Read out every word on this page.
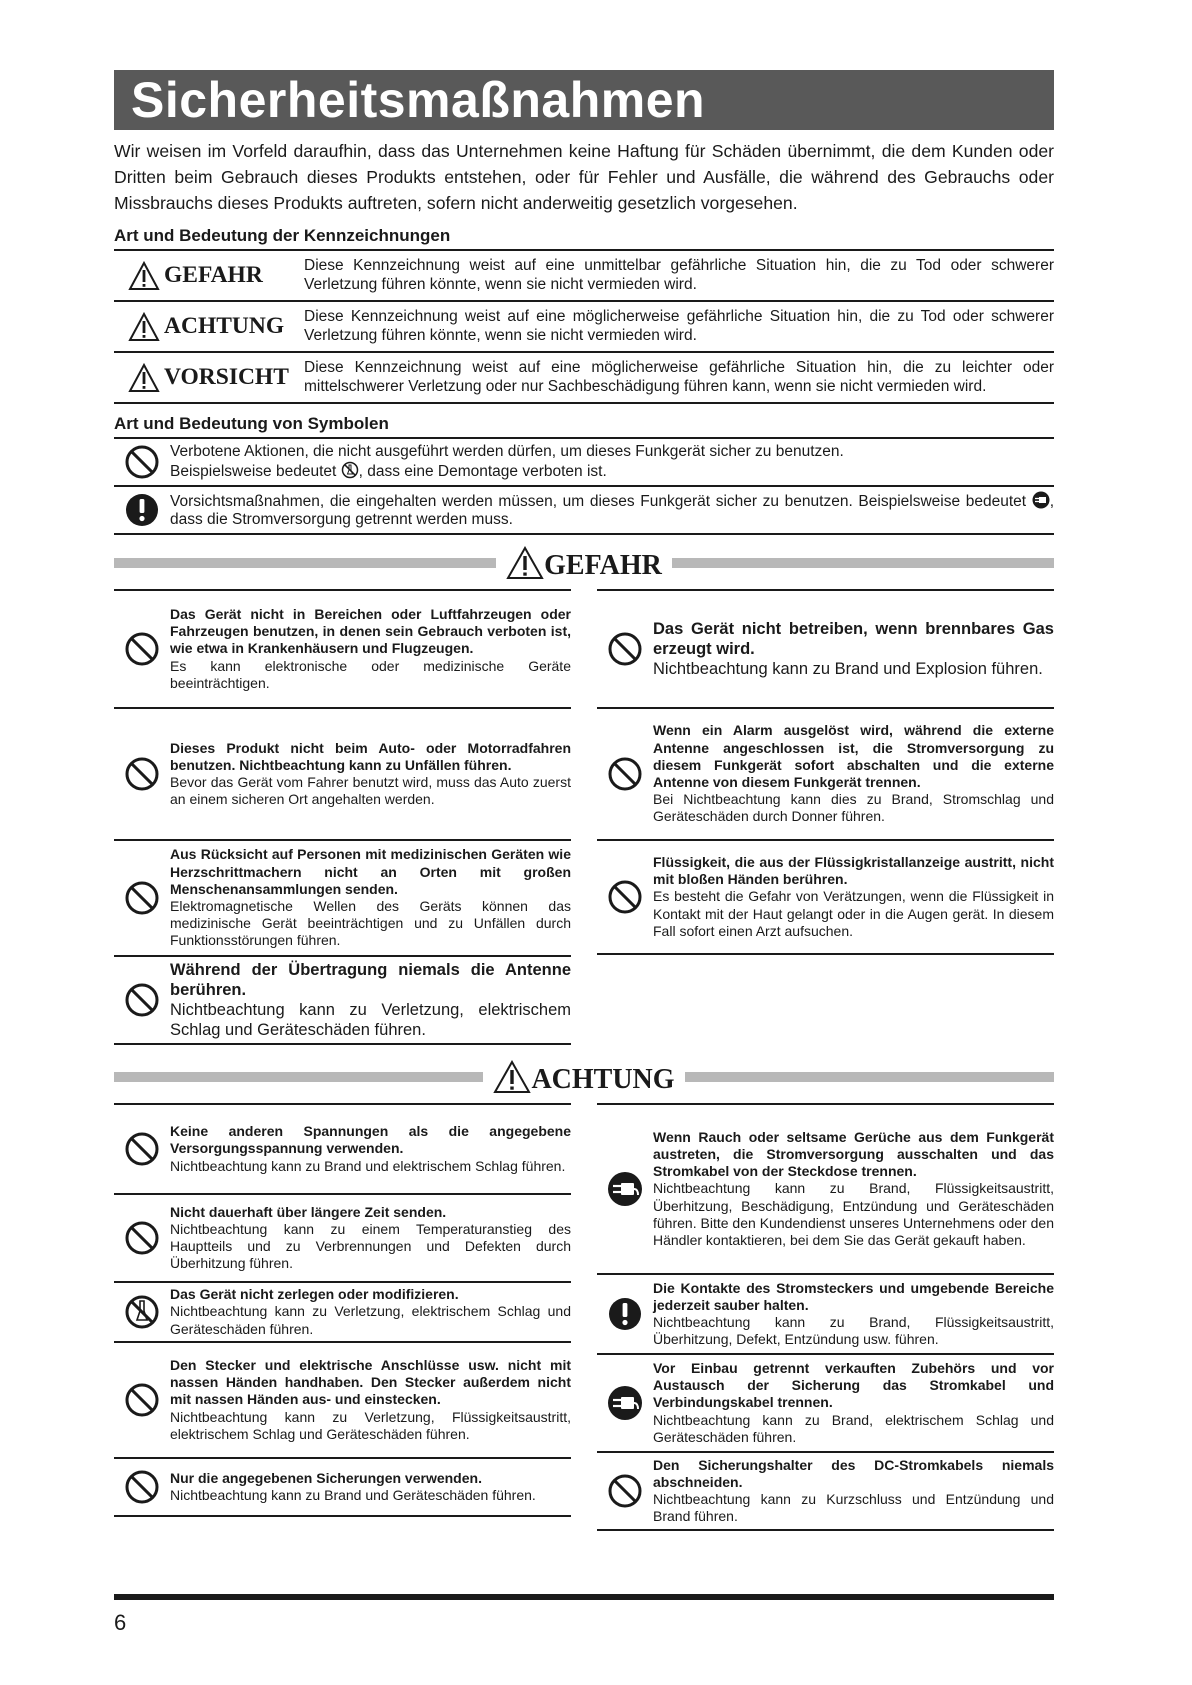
Sicherheitsmaßnahmen

Wir weisen im Vorfeld daraufhin, dass das Unternehmen keine Haftung für Schäden übernimmt, die dem Kunden oder Dritten beim Gebrauch dieses Produkts entstehen, oder für Fehler und Ausfälle, die während des Gebrauchs oder Missbrauchs dieses Produkts auftreten, sofern nicht anderweitig gesetzlich vorgesehen.

Art und Bedeutung der Kennzeichnungen
GEFAHR	Diese Kennzeichnung weist auf eine unmittelbar gefährliche Situation hin, die zu Tod oder schwerer Verletzung führen könnte, wenn sie nicht vermieden wird.
ACHTUNG Diese Kennzeichnung weist auf eine möglicherweise gefährliche Situation hin, die zu Tod oder schwerer Verletzung führen könnte, wenn sie nicht vermieden wird.
VORSICHT Diese Kennzeichnung weist auf eine möglicherweise gefährliche Situation hin, die zu leichter oder mittelschwerer Verletzung oder nur Sachbeschädigung führen kann, wenn sie nicht vermieden wird.
Art und Bedeutung von Symbolen
Verbotene Aktionen, die nicht ausgeführt werden dürfen, um dieses Funkgerät sicher zu benutzen.
Beispielsweise bedeutet , dass eine Demontage verboten ist.
Vorsichtsmaßnahmen, die eingehalten werden müssen, um dieses Funkgerät sicher zu benutzen. Beispielsweise bedeutet , dass die Stromversorgung getrennt werden muss.
GEFAHR
Das Gerät nicht in Bereichen oder Luftfahrzeugen oder Fahrzeugen benutzen, in denen sein Gebrauch verboten ist, wie etwa in Krankenhäusern und Flugzeugen.
Es kann elektronische oder medizinische Geräte beeinträchtigen.
Dieses Produkt nicht beim Auto- oder Motorradfahren benutzen. Nichtbeachtung kann zu Unfällen führen.
Bevor das Gerät vom Fahrer benutzt wird, muss das Auto zuerst an einem sicheren Ort angehalten werden.
Aus Rücksicht auf Personen mit medizinischen Geräten wie Herzschrittmachern nicht an Orten mit großen Menschenansammlungen senden.
Elektromagnetische Wellen des Geräts können das medizinische Gerät beeinträchtigen und zu Unfällen durch Funktionsstörungen führen.
Während der Übertragung niemals die Antenne berühren.
Nichtbeachtung kann zu Verletzung, elektrischem Schlag und Geräteschäden führen.
Das Gerät nicht betreiben, wenn brennbares Gas erzeugt wird.
Nichtbeachtung kann zu Brand und Explosion führen.
Wenn ein Alarm ausgelöst wird, während die externe Antenne angeschlossen ist, die Stromversorgung zu diesem Funkgerät sofort abschalten und die externe Antenne von diesem Funkgerät trennen.
Bei Nichtbeachtung kann dies zu Brand, Stromschlag und Geräteschäden durch Donner führen.
Flüssigkeit, die aus der Flüssigkristallanzeige austritt, nicht mit bloßen Händen berühren.
Es besteht die Gefahr von Verätzungen, wenn die Flüssigkeit in Kontakt mit der Haut gelangt oder in die Augen gerät. In diesem Fall sofort einen Arzt aufsuchen.
ACHTUNG
Keine anderen Spannungen als die angegebene Versorgungsspannung verwenden.
Nichtbeachtung kann zu Brand und elektrischem Schlag führen.
Nicht dauerhaft über längere Zeit senden.
Nichtbeachtung kann zu einem Temperaturanstieg des Hauptteils und zu Verbrennungen und Defekten durch Überhitzung führen.
Das Gerät nicht zerlegen oder modifizieren.
Nichtbeachtung kann zu Verletzung, elektrischem Schlag und Geräteschäden führen.
Den Stecker und elektrische Anschlüsse usw. nicht mit nassen Händen handhaben. Den Stecker außerdem nicht mit nassen Händen aus- und einstecken.
Nichtbeachtung kann zu Verletzung, Flüssigkeitsaustritt, elektrischem Schlag und Geräteschäden führen.
Nur die angegebenen Sicherungen verwenden.
Nichtbeachtung kann zu Brand und Geräteschäden führen.
Wenn Rauch oder seltsame Gerüche aus dem Funkgerät austreten, die Stromversorgung ausschalten und das Stromkabel von der Steckdose trennen.
Nichtbeachtung kann zu Brand, Flüssigkeitsaustritt, Überhitzung, Beschädigung, Entzündung und Geräteschäden führen. Bitte den Kundendienst unseres Unternehmens oder den Händler kontaktieren, bei dem Sie das Gerät gekauft haben.
Die Kontakte des Stromsteckers und umgebende Bereiche jederzeit sauber halten.
Nichtbeachtung kann zu Brand, Flüssigkeitsaustritt, Überhitzung, Defekt, Entzündung usw. führen.
Vor Einbau getrennt verkauften Zubehörs und vor Austausch der Sicherung das Stromkabel und Verbindungskabel trennen.
Nichtbeachtung kann zu Brand, elektrischem Schlag und Geräteschäden führen.
Den Sicherungshalter des DC-Stromkabels niemals abschneiden.
Nichtbeachtung kann zu Kurzschluss und Entzündung und Brand führen.
6
